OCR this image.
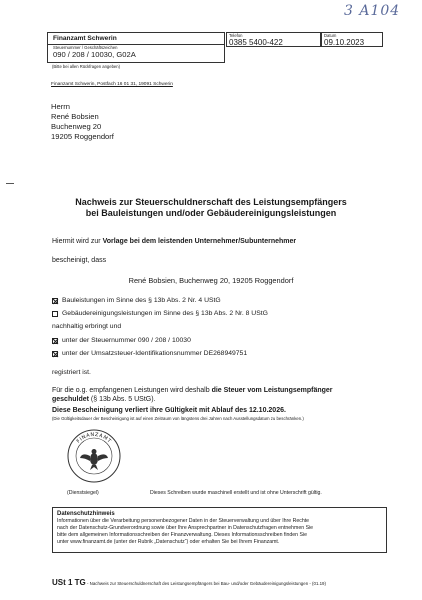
3 A104
Finanzamt Schwerin
Steuernummer / Geschäftszeichen
090 / 208 / 10030, G02A
(Bitte bei allen Rückfragen angeben)
Telefon
0385 5400-422
Datum
09.10.2023
Finanzamt Schwerin, Postfach 16 01 31, 19091 Schwerin
Herrn
René Bobsien
Buchenweg 20
19205 Roggendorf
Nachweis zur Steuerschuldnerschaft des Leistungsempfängers
bei Bauleistungen und/oder Gebäudereinigungsleistungen
Hiermit wird zur Vorlage bei dem leistenden Unternehmer/Subunternehmer
bescheinigt, dass
René Bobsien, Buchenweg 20, 19205 Roggendorf
Bauleistungen im Sinne des § 13b Abs. 2 Nr. 4 UStG
Gebäudereinigungsleistungen im Sinne des § 13b Abs. 2 Nr. 8 UStG
nachhaltig erbringt und
unter der Steuernummer 090 / 208 / 10030
unter der Umsatzsteuer-Identifikationsnummer DE268949751
registriert ist.
Für die o.g. empfangenen Leistungen wird deshalb die Steuer vom Leistungsempfänger
geschuldet (§ 13b Abs. 5 UStG).
Diese Bescheinigung verliert ihre Gültigkeit mit Ablauf des 12.10.2026.
(Die Gültigkeitsdauer der Bescheinigung ist auf einen Zeitraum von längstens drei Jahren nach Ausstellungsdatum zu beschränken.)
FINANZAMT
(Dienstsiegel)	Dieses Schreiben wurde maschinell erstellt und ist ohne Unterschrift gültig.
Datenschutzhinweis
Informationen über die Verarbeitung personenbezogener Daten in der Steuerverwaltung und über Ihre Rechte
nach der Datenschutz-Grundverordnung sowie über Ihre Ansprechpartner in Datenschutzfragen entnehmen Sie
bitte dem allgemeinen Informationsschreiben der Finanzverwaltung. Dieses Informationsschreiben finden Sie
unter www.finanzamt.de (unter der Rubrik „Datenschutz“) oder erhalten Sie bei Ihrem Finanzamt.
USt 1 TG - Nachweis zur Steuerschuldnerschaft des Leistungsempfängers bei Bau- und/oder Gebäudereinigungsleistungen - (01.19)
